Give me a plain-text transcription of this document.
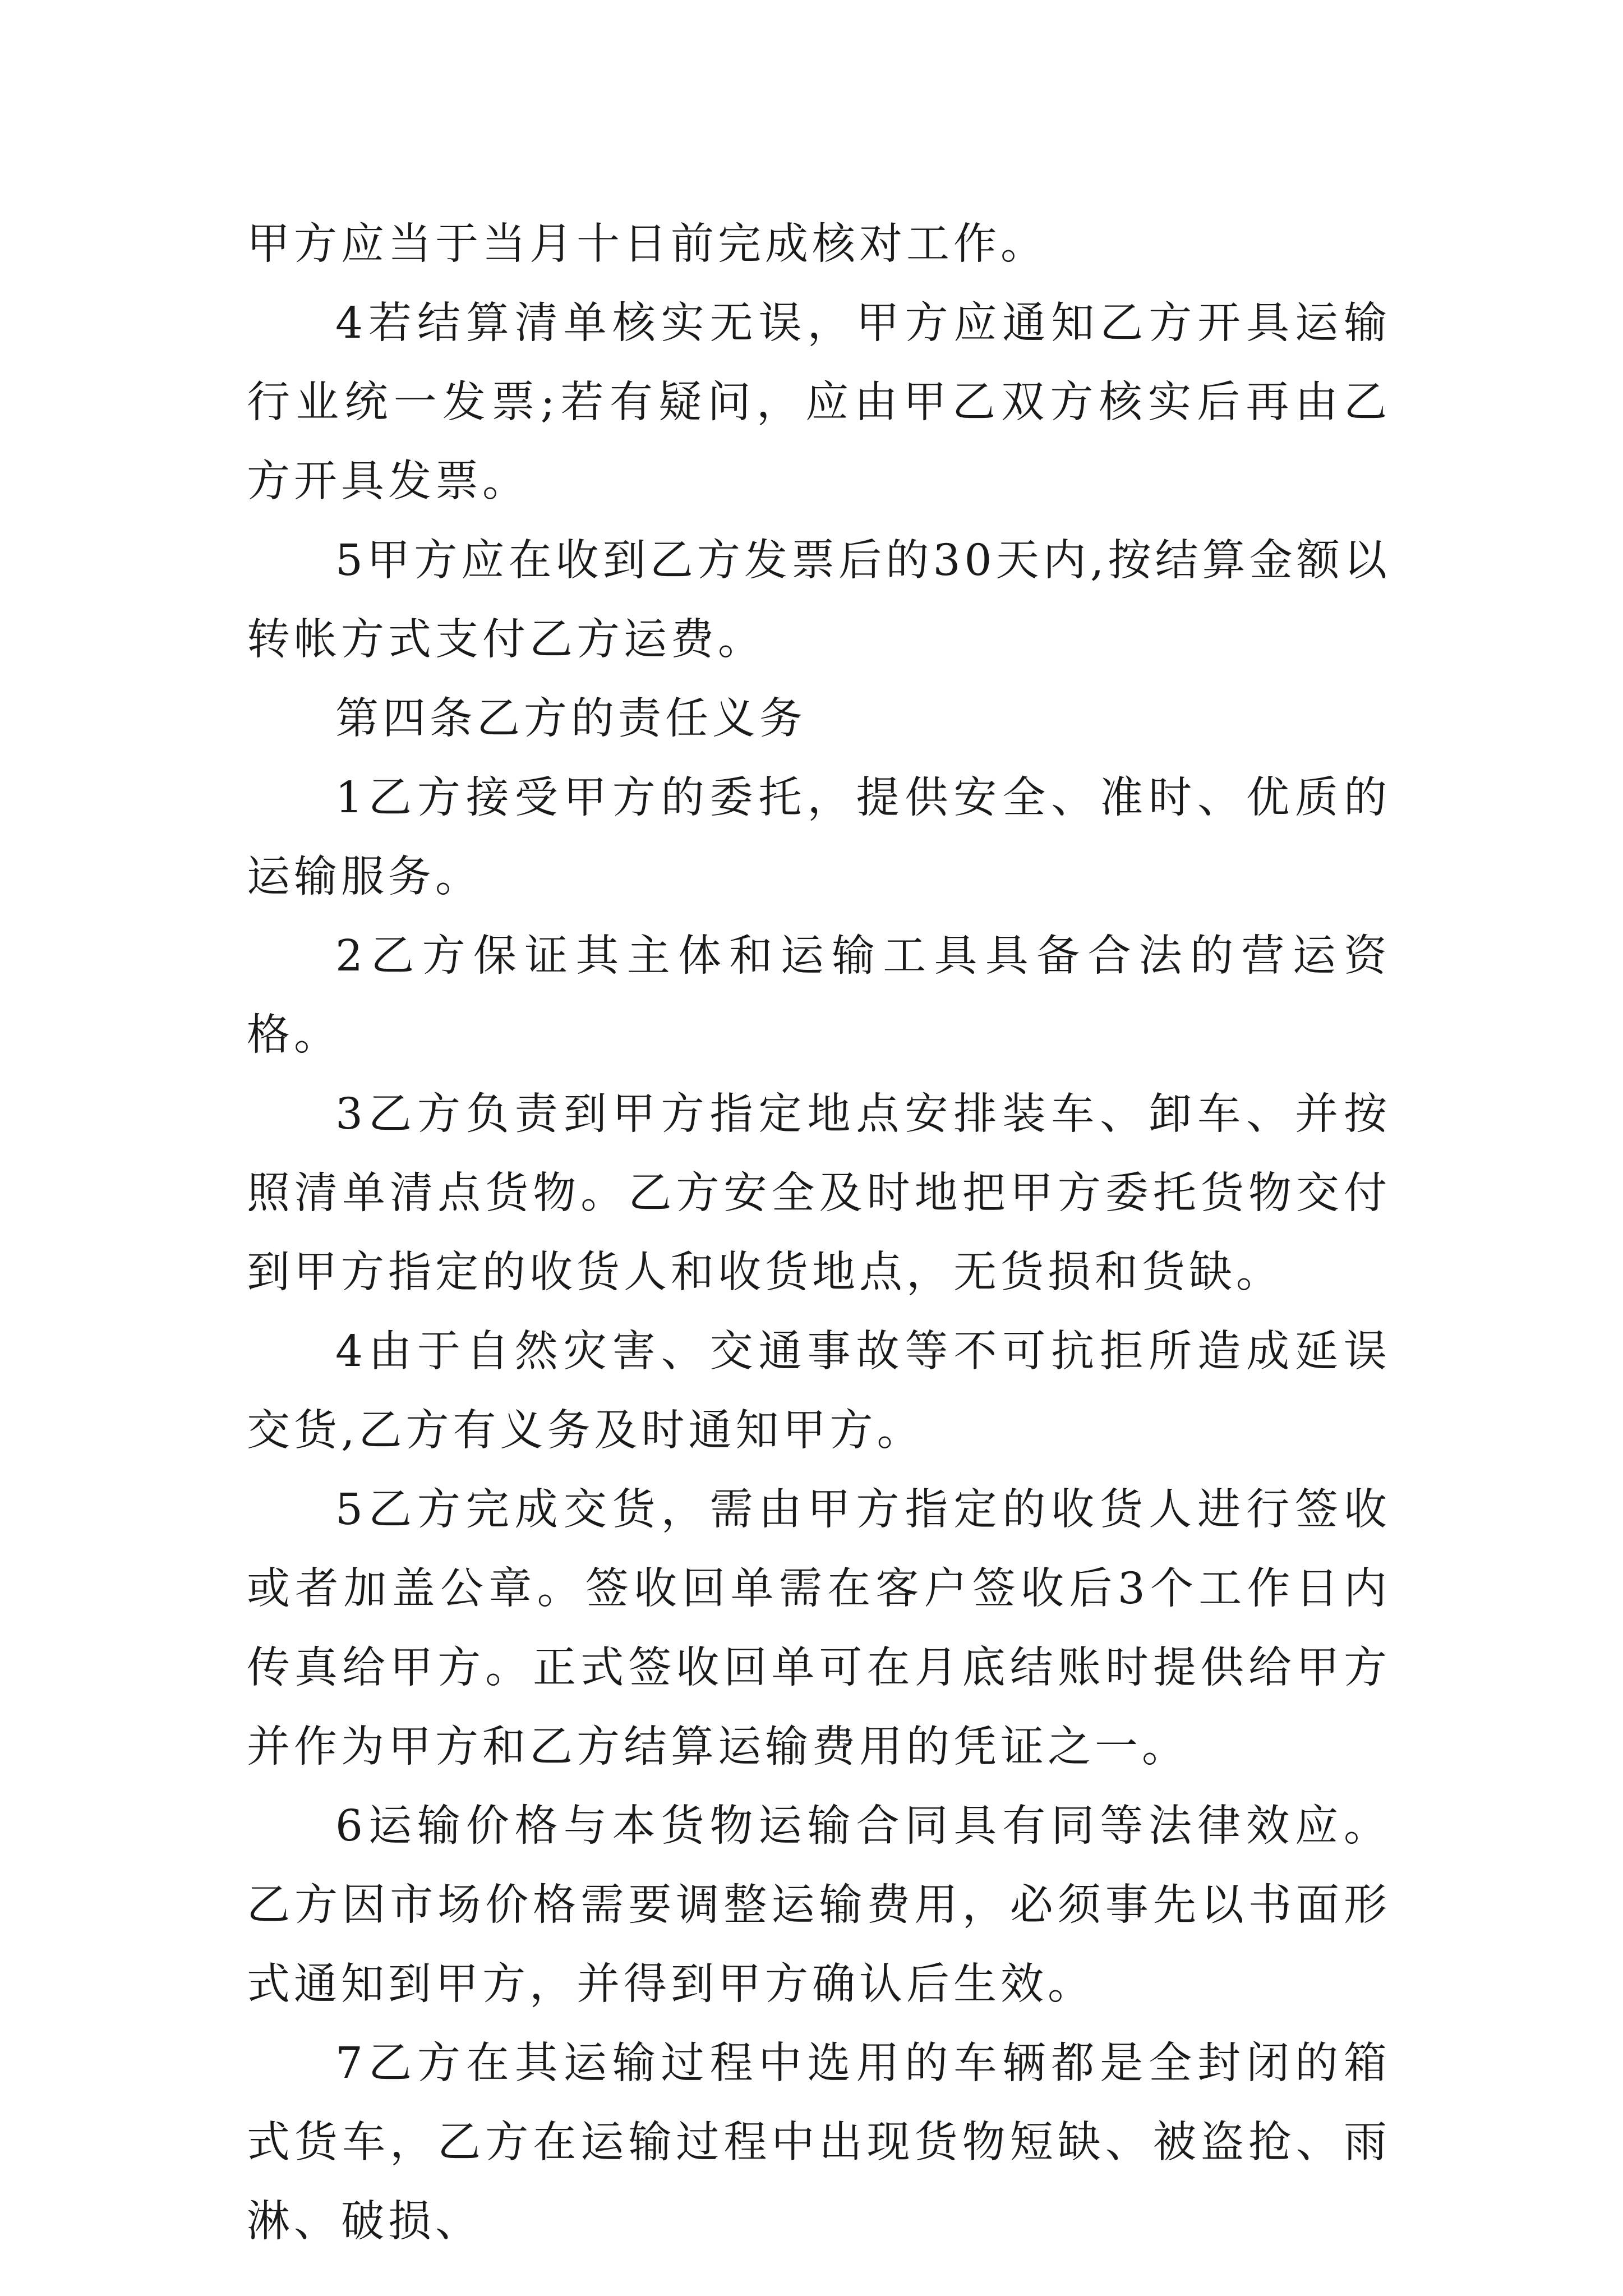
甲方应当于当月十日前完成核对工作。

4若结算清单核实无误，甲方应通知乙方开具运输行业统一发票;若有疑问，应由甲乙双方核实后再由乙方开具发票。

5甲方应在收到乙方发票后的30天内,按结算金额以转帐方式支付乙方运费。

第四条乙方的责任义务

1乙方接受甲方的委托，提供安全、准时、优质的运输服务。

2乙方保证其主体和运输工具具备合法的营运资格。

3乙方负责到甲方指定地点安排装车、卸车、并按照清单清点货物。乙方安全及时地把甲方委托货物交付到甲方指定的收货人和收货地点，无货损和货缺。

4由于自然灾害、交通事故等不可抗拒所造成延误交货,乙方有义务及时通知甲方。

5乙方完成交货，需由甲方指定的收货人进行签收或者加盖公章。签收回单需在客户签收后3个工作日内传真给甲方。正式签收回单可在月底结账时提供给甲方并作为甲方和乙方结算运输费用的凭证之一。

6运输价格与本货物运输合同具有同等法律效应。乙方因市场价格需要调整运输费用，必须事先以书面形式通知到甲方，并得到甲方确认后生效。

7乙方在其运输过程中选用的车辆都是全封闭的箱式货车，乙方在运输过程中出现货物短缺、被盗抢、雨淋、破损、
